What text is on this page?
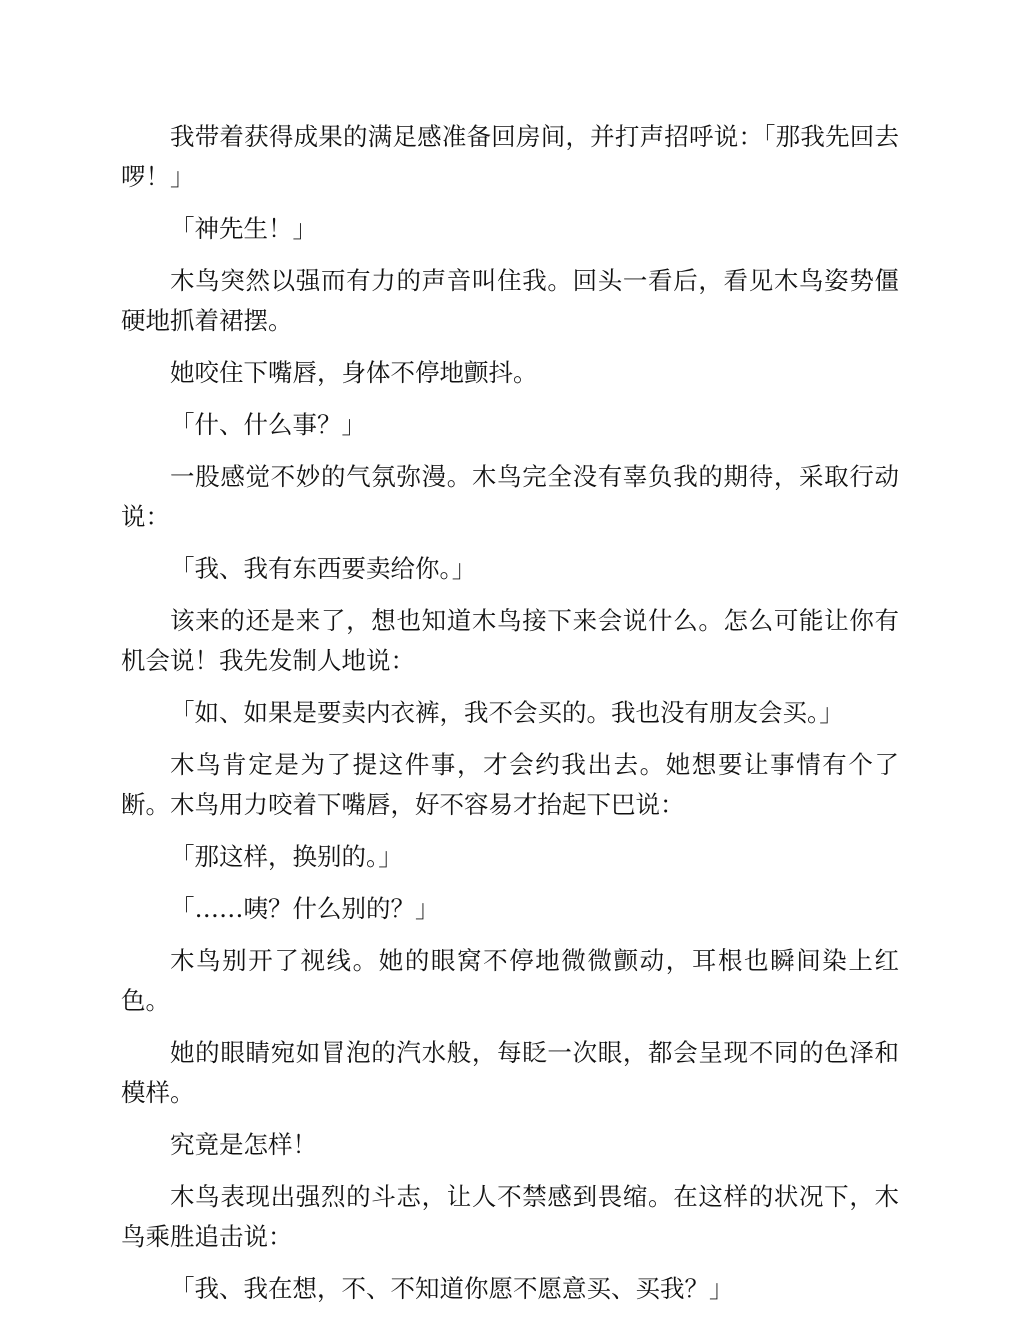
我带着获得成果的满足感准备回房间，并打声招呼说：「那我先回去啰！」

「神先生！」

木鸟突然以强而有力的声音叫住我。回头一看后，看见木鸟姿势僵硬地抓着裙摆。

她咬住下嘴唇，身体不停地颤抖。

「什、什么事？」

一股感觉不妙的气氛弥漫。木鸟完全没有辜负我的期待，采取行动说：

「我、我有东西要卖给你。」

该来的还是来了，想也知道木鸟接下来会说什么。怎么可能让你有机会说！我先发制人地说：

「如、如果是要卖内衣裤，我不会买的。我也没有朋友会买。」

木鸟肯定是为了提这件事，才会约我出去。她想要让事情有个了断。木鸟用力咬着下嘴唇，好不容易才抬起下巴说：

「那这样，换别的。」

「……咦？什么别的？」

木鸟别开了视线。她的眼窝不停地微微颤动，耳根也瞬间染上红色。

她的眼睛宛如冒泡的汽水般，每眨一次眼，都会呈现不同的色泽和模样。

究竟是怎样！

木鸟表现出强烈的斗志，让人不禁感到畏缩。在这样的状况下，木鸟乘胜追击说：

「我、我在想，不、不知道你愿不愿意买、买我？」
